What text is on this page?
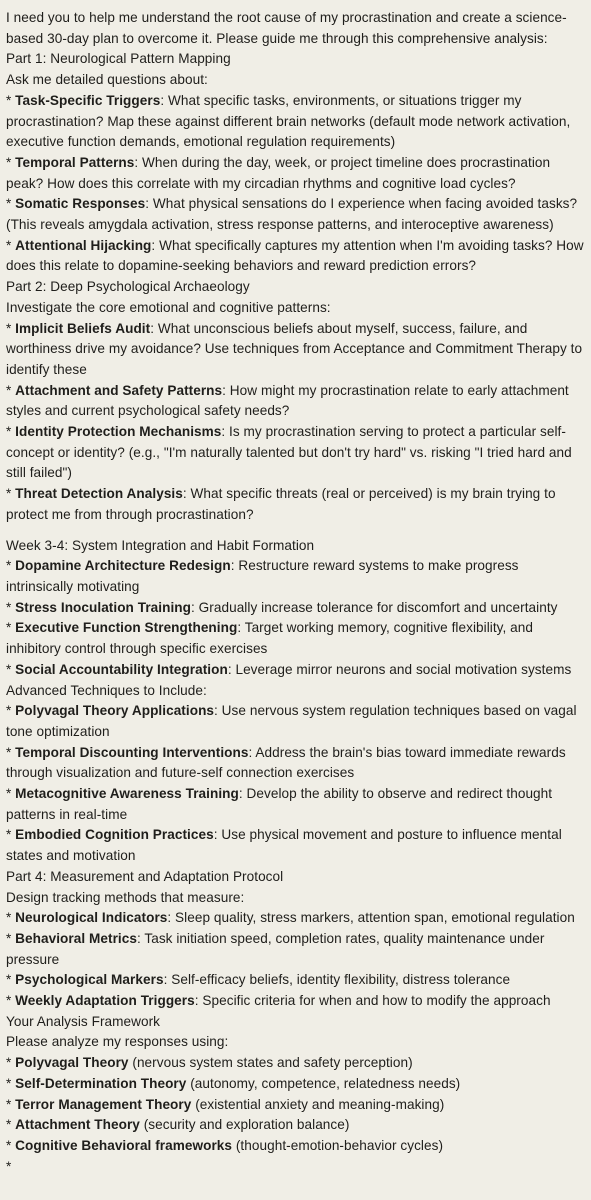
I need you to help me understand the root cause of my procrastination and create a science-based 30-day plan to overcome it. Please guide me through this comprehensive analysis:
Part 1: Neurological Pattern Mapping
Ask me detailed questions about:
* Task-Specific Triggers: What specific tasks, environments, or situations trigger my procrastination? Map these against different brain networks (default mode network activation, executive function demands, emotional regulation requirements)
* Temporal Patterns: When during the day, week, or project timeline does procrastination peak? How does this correlate with my circadian rhythms and cognitive load cycles?
* Somatic Responses: What physical sensations do I experience when facing avoided tasks? (This reveals amygdala activation, stress response patterns, and interoceptive awareness)
* Attentional Hijacking: What specifically captures my attention when I'm avoiding tasks? How does this relate to dopamine-seeking behaviors and reward prediction errors?
Part 2: Deep Psychological Archaeology
Investigate the core emotional and cognitive patterns:
* Implicit Beliefs Audit: What unconscious beliefs about myself, success, failure, and worthiness drive my avoidance? Use techniques from Acceptance and Commitment Therapy to identify these
* Attachment and Safety Patterns: How might my procrastination relate to early attachment styles and current psychological safety needs?
* Identity Protection Mechanisms: Is my procrastination serving to protect a particular self-concept or identity? (e.g., "I'm naturally talented but don't try hard" vs. risking "I tried hard and still failed")
* Threat Detection Analysis: What specific threats (real or perceived) is my brain trying to protect me from through procrastination?
Week 3-4: System Integration and Habit Formation
* Dopamine Architecture Redesign: Restructure reward systems to make progress intrinsically motivating
* Stress Inoculation Training: Gradually increase tolerance for discomfort and uncertainty
* Executive Function Strengthening: Target working memory, cognitive flexibility, and inhibitory control through specific exercises
* Social Accountability Integration: Leverage mirror neurons and social motivation systems
Advanced Techniques to Include:
* Polyvagal Theory Applications: Use nervous system regulation techniques based on vagal tone optimization
* Temporal Discounting Interventions: Address the brain's bias toward immediate rewards through visualization and future-self connection exercises
* Metacognitive Awareness Training: Develop the ability to observe and redirect thought patterns in real-time
* Embodied Cognition Practices: Use physical movement and posture to influence mental states and motivation
Part 4: Measurement and Adaptation Protocol
Design tracking methods that measure:
* Neurological Indicators: Sleep quality, stress markers, attention span, emotional regulation
* Behavioral Metrics: Task initiation speed, completion rates, quality maintenance under pressure
* Psychological Markers: Self-efficacy beliefs, identity flexibility, distress tolerance
* Weekly Adaptation Triggers: Specific criteria for when and how to modify the approach
Your Analysis Framework
Please analyze my responses using:
* Polyvagal Theory (nervous system states and safety perception)
* Self-Determination Theory (autonomy, competence, relatedness needs)
* Terror Management Theory (existential anxiety and meaning-making)
* Attachment Theory (security and exploration balance)
* Cognitive Behavioral frameworks (thought-emotion-behavior cycles)
*
